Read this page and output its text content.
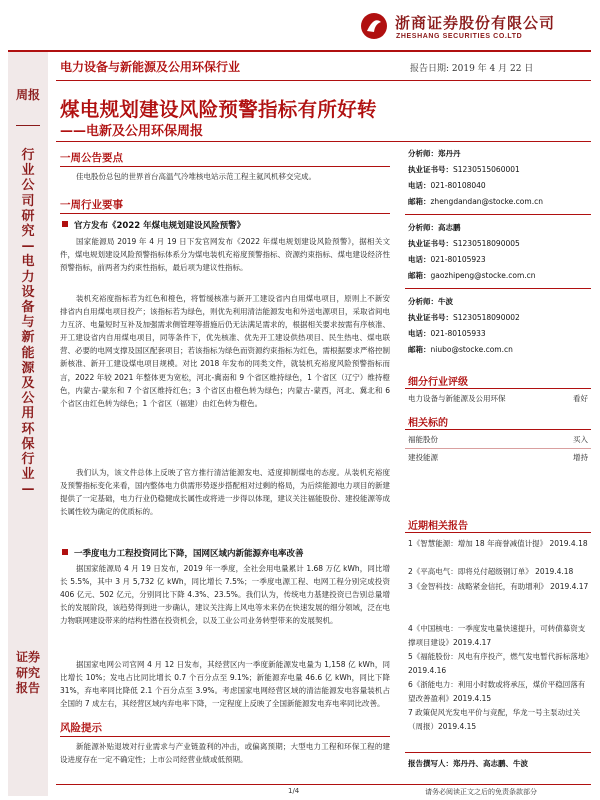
浙商证券股份有限公司
ZHESHANG SECURITIES CO.LTD
周报
行业公司研究—电力设备与新能源及公用环保行业—
证券研究报告
电力设备与新能源及公用环保行业	报告日期: 2019 年 4 月 22 日
煤电规划建设风险预警指标有所好转
——电新及公用环保周报
一周公告要点
佳电股份总包的世界首台高温气冷堆核电站示范工程主氦风机移交完成。
一周行业要事
官方发布《2022 年煤电规划建设风险预警》
国家能源局 2019 年 4 月 19 日下发官网发布《2022 年煤电规划建设风险预警》，据相关文件，煤电规划建设风险预警指标体系分为煤电装机充裕度预警指标、资源约束指标、煤电建设经济性预警指标，前两者为约束性指标，最后项为建议性指标。
装机充裕度指标若为红色和橙色，将暂缓核准与新开工建设省内自用煤电项目，原则上不新安排省内自用煤电项目投产；该指标若为绿色，则优先利用清洁能源发电和外送电源项目，采取省间电力互济、电量短时互补及加强需求侧管理等措施后仍无法满足需求的，根据相关要求按需有序核准、开工建设省内自用煤电项目，同等条件下，优先核准、优先开工建设供热项目、民生热电、煤电联营、必要的电网支撑及国区配套项目；若该指标为绿色而资源约束指标为红色，需根据要求严格控制新核准、新开工建设煤电项目规模。对比 2018 年发布的同类文件，就装机充裕度风险预警指标而言，2022 年较 2021 年整体更为宽松，河北-冀南和 9 个省区维持绿色，1 个省区（辽宁）维持橙色，内蒙古-蒙东和 7 个省区维持红色；3 个省区由橙色转为绿色；内蒙古-蒙西，河北、冀北和 6 个省区由红色转为绿色；1 个省区（福建）由红色转为橙色。
我们认为，该文件总体上反映了官方推行清洁能源发电、适度抑制煤电的态度。从装机充裕度及预警指标变化来看，国内整体电力供需形势逐步搭配相对过剩的格局，为后续能源电力项目的新建提供了一定基础，电力行业仍稳健成长属性或将进一步得以体现，建议关注福能股份、建投能源等成长属性较为确定的优质标的。
一季度电力工程投资同比下降，国网区域内新能源弃电率改善
据国家能源局 4 月 19 日发布，2019 年一季度，全社会用电量累计 1.68 万亿 kWh，同比增长 5.5%，其中 3 月 5,732 亿 kWh，同比增长 7.5%；一季度电源工程、电网工程分别完成投资 406 亿元、502 亿元，分别同比下降 4.3%、23.5%。我们认为，传统电力基建投资已告别总量增长的发展阶段，该趋势得到进一步确认，建议关注海上风电等未来仍在快速发展的细分领域，泛在电力物联网建设带来的结构性潜在投资机会，以及工业公司业务转型带来的发展契机。
据国家电网公司官网 4 月 12 日发布，其经营区内一季度新能源发电量为 1,158 亿 kWh，同比增长 10%；发电占比同比增长 0.7 个百分点至 9.1%；新能源弃电量 46.6 亿 kWh，同比下降 31%，弃电率同比降低 2.1 个百分点至 3.9%。考虑国家电网经营区域的清洁能源发电容量装机占全国的 7 成左右，其经营区域内弃电率下降，一定程度上反映了全国新能源发电弃电率同比改善。
风险提示
新能源补贴退坡对行业需求与产业链盈利的冲击，或偏离预期；大型电力工程和环保工程的建设进度存在一定不确定性；上市公司经营业绩或低预期。
分析师：郑丹丹
执业证书号：S1230515060001
电话：021-80108040
邮箱：zhengdandan@stocke.com.cn
分析师：高志鹏
执业证书号：S1230518090005
电话：021-80105923
邮箱：gaozhipeng@stocke.com.cn
分析师：牛波
执业证书号：S1230518090002
电话：021-80105933
邮箱：niubo@stocke.com.cn
细分行业评级
电力设备与新能源及公用环保	看好
相关标的
福能股份	买入
建投能源	增持
近期相关报告
1《智慧能源：增加 18 年商誉减值计提》 2019.4.18
2《平高电气：即将兑付超级钢订单》 2019.4.18
3《金智科技：战略紧金信托，有助增利》 2019.4.17
4《中国核电：一季度发电量快速提升，可转债募资支撑项目建设》2019.4.17
5《福能股份：风电有序投产，燃气发电暂代拆标落地》2019.4.16
6《浙能电力：利用小时数或将承压，煤价平稳回落有望改善盈利》2019.4.15
7 政策促风光发电平价与竞配，华龙一号主泵动过关（周报）2019.4.15
报告撰写人：郑丹丹、高志鹏、牛波
1/4	请务必阅读正文之后的免责条款部分
